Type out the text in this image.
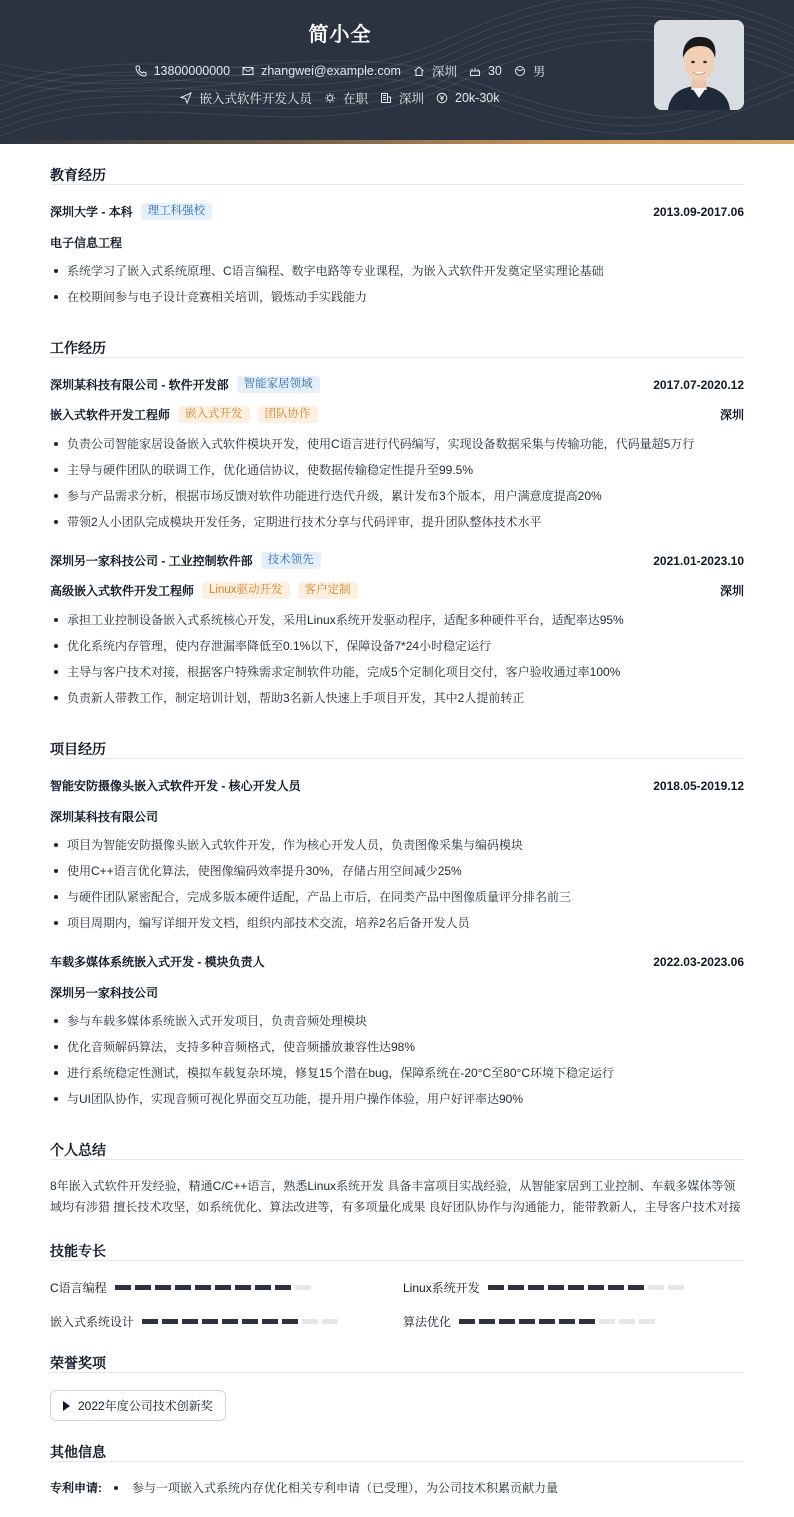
简小全
13800000000 zhangwei@example.com 深圳 30 男
嵌入式软件开发人员 在职 深圳 20k-30k
教育经历
深圳大学 - 本科	理工科强校	2013.09-2017.06
电子信息工程
系统学习了嵌入式系统原理、C语言编程、数字电路等专业课程，为嵌入式软件开发奠定坚实理论基础
在校期间参与电子设计竞赛相关培训，锻炼动手实践能力
工作经历
深圳某科技有限公司 - 软件开发部	智能家居领域	2017.07-2020.12
嵌入式软件开发工程师	嵌入式开发	团队协作	深圳
负责公司智能家居设备嵌入式软件模块开发，使用C语言进行代码编写，实现设备数据采集与传输功能，代码量超5万行
主导与硬件团队的联调工作，优化通信协议，使数据传输稳定性提升至99.5%
参与产品需求分析，根据市场反馈对软件功能进行迭代升级，累计发布3个版本，用户满意度提高20%
带领2人小团队完成模块开发任务，定期进行技术分享与代码评审，提升团队整体技术水平
深圳另一家科技公司 - 工业控制软件部	技术领先	2021.01-2023.10
高级嵌入式软件开发工程师	Linux驱动开发	客户定制	深圳
承担工业控制设备嵌入式系统核心开发，采用Linux系统开发驱动程序，适配多种硬件平台，适配率达95%
优化系统内存管理，使内存泄漏率降低至0.1%以下，保障设备7*24小时稳定运行
主导与客户技术对接，根据客户特殊需求定制软件功能，完成5个定制化项目交付，客户验收通过率100%
负责新人带教工作，制定培训计划，帮助3名新人快速上手项目开发，其中2人提前转正
项目经历
智能安防摄像头嵌入式软件开发 - 核心开发人员	2018.05-2019.12
深圳某科技有限公司
项目为智能安防摄像头嵌入式软件开发，作为核心开发人员，负责图像采集与编码模块
使用C++语言优化算法，使图像编码效率提升30%，存储占用空间减少25%
与硬件团队紧密配合，完成多版本硬件适配，产品上市后，在同类产品中图像质量评分排名前三
项目周期内，编写详细开发文档，组织内部技术交流，培养2名后备开发人员
车载多媒体系统嵌入式开发 - 模块负责人	2022.03-2023.06
深圳另一家科技公司
参与车载多媒体系统嵌入式开发项目，负责音频处理模块
优化音频解码算法，支持多种音频格式，使音频播放兼容性达98%
进行系统稳定性测试，模拟车载复杂环境，修复15个潜在bug，保障系统在-20°C至80°C环境下稳定运行
与UI团队协作，实现音频可视化界面交互功能，提升用户操作体验，用户好评率达90%
个人总结
8年嵌入式软件开发经验，精通C/C++语言，熟悉Linux系统开发 具备丰富项目实战经验，从智能家居到工业控制、车载多媒体等领
域均有涉猎 擅长技术攻坚，如系统优化、算法改进等，有多项量化成果 良好团队协作与沟通能力，能带教新人，主导客户技术对接
技能专长
C语言编程	Linux系统开发
嵌入式系统设计	算法优化
荣誉奖项
2022年度公司技术创新奖
其他信息
专利申请:	参与一项嵌入式系统内存优化相关专利申请（已受理），为公司技术积累贡献力量
